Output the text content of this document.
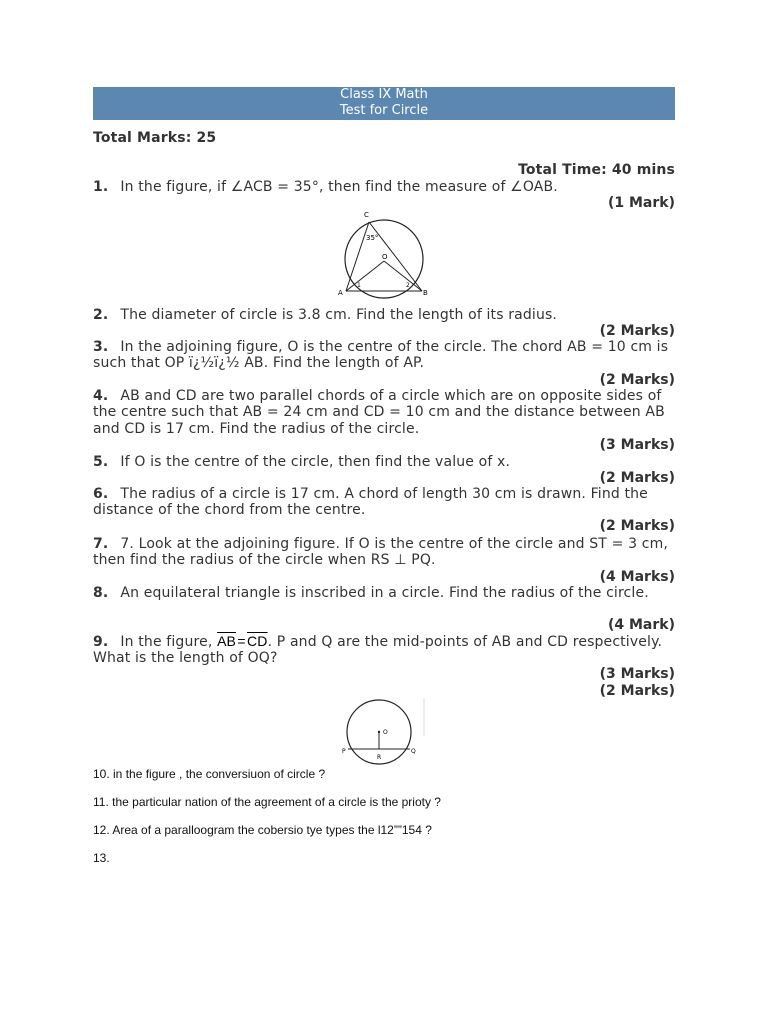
Class IX Math
Test for Circle
Total Marks: 25
Total Time: 40 mins
1. In the figure, if ∠ACB = 35°, then find the measure of ∠OAB.
(1 Mark)
C
35°
O
A
1	2
B
2. The diameter of circle is 3.8 cm. Find the length of its radius.
(2 Marks)
3. In the adjoining figure, O is the centre of the circle. The chord AB = 10 cm is such that OP ï¿½ï¿½ AB. Find the length of AP.
(2 Marks)
4. AB and CD are two parallel chords of a circle which are on opposite sides of the centre such that AB = 24 cm and CD = 10 cm and the distance between AB and CD is 17 cm. Find the radius of the circle.
(3 Marks)
5. If O is the centre of the circle, then find the value of x.
(2 Marks)
6. The radius of a circle is 17 cm. A chord of length 30 cm is drawn. Find the distance of the chord from the centre.
(2 Marks)
7. 7. Look at the adjoining figure. If O is the centre of the circle and ST = 3 cm, then find the radius of the circle when RS ⊥ PQ.
(4 Marks)
8. An equilateral triangle is inscribed in a circle. Find the radius of the circle.
(4 Mark)
9. In the figure, $\overline{AB}$ = $\overline{CD}$. P and Q are the mid-points of AB and CD respectively. What is the length of OQ?
(3 Marks)
(2 Marks)
O
P
R
Q
10. in the figure , the conversiuon of circle ?
11. the particular nation of the agreement of a circle is the prioty ?
12. Area of a paralloogram the cobersio tye types the l12””154 ?
13.
